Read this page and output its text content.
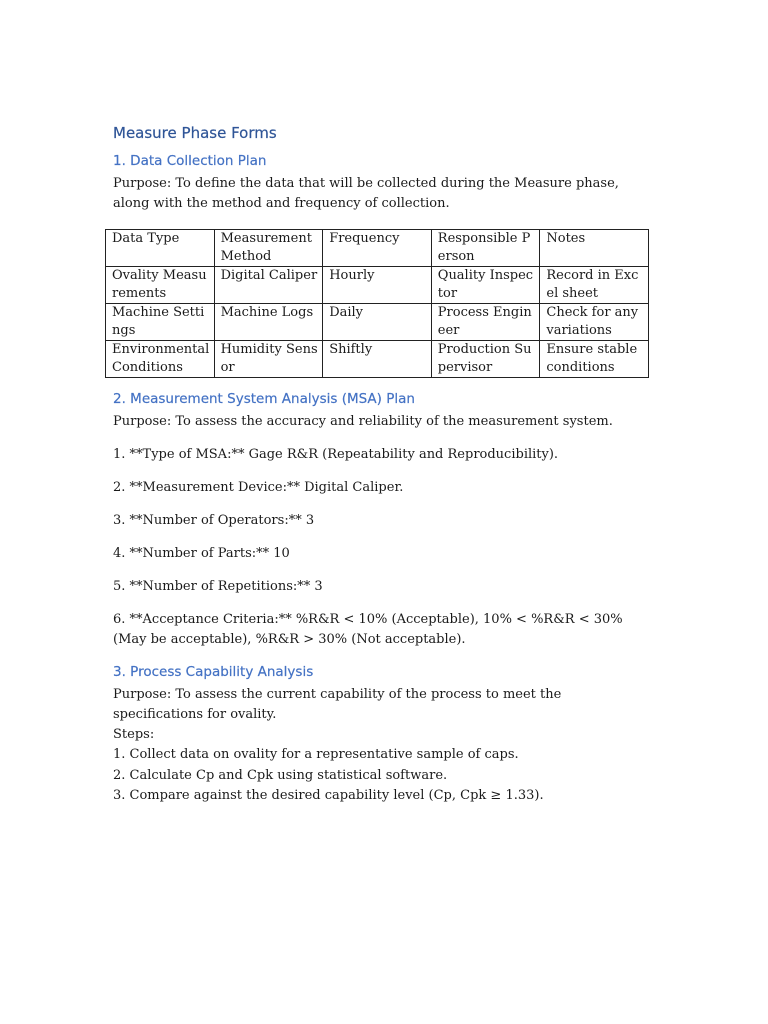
Measure Phase Forms
1. Data Collection Plan

Purpose: To define the data that will be collected during the Measure phase, along with the method and frequency of collection.

Data Type	Measurement Method	Frequency	Responsible Person	Notes
Ovality Measurements	Digital Caliper	Hourly	Quality Inspector	Record in Excel sheet
Machine Settings	Machine Logs	Daily	Process Engineer	Check for any variations
Environmental Conditions	Humidity Sensor	Shiftly	Production Supervisor	Ensure stable conditions
2. Measurement System Analysis (MSA) Plan

Purpose: To assess the accuracy and reliability of the measurement system.

1. **Type of MSA:** Gage R&R (Repeatability and Reproducibility).

2. **Measurement Device:** Digital Caliper.

3. **Number of Operators:** 3

4. **Number of Parts:** 10

5. **Number of Repetitions:** 3

6. **Acceptance Criteria:** %R&R < 10% (Acceptable), 10% < %R&R < 30% (May be acceptable), %R&R > 30% (Not acceptable).

3. Process Capability Analysis

Purpose: To assess the current capability of the process to meet the specifications for ovality.

Steps:

1. Collect data on ovality for a representative sample of caps.
2. Calculate Cp and Cpk using statistical software.
3. Compare against the desired capability level (Cp, Cpk ≥ 1.33).
